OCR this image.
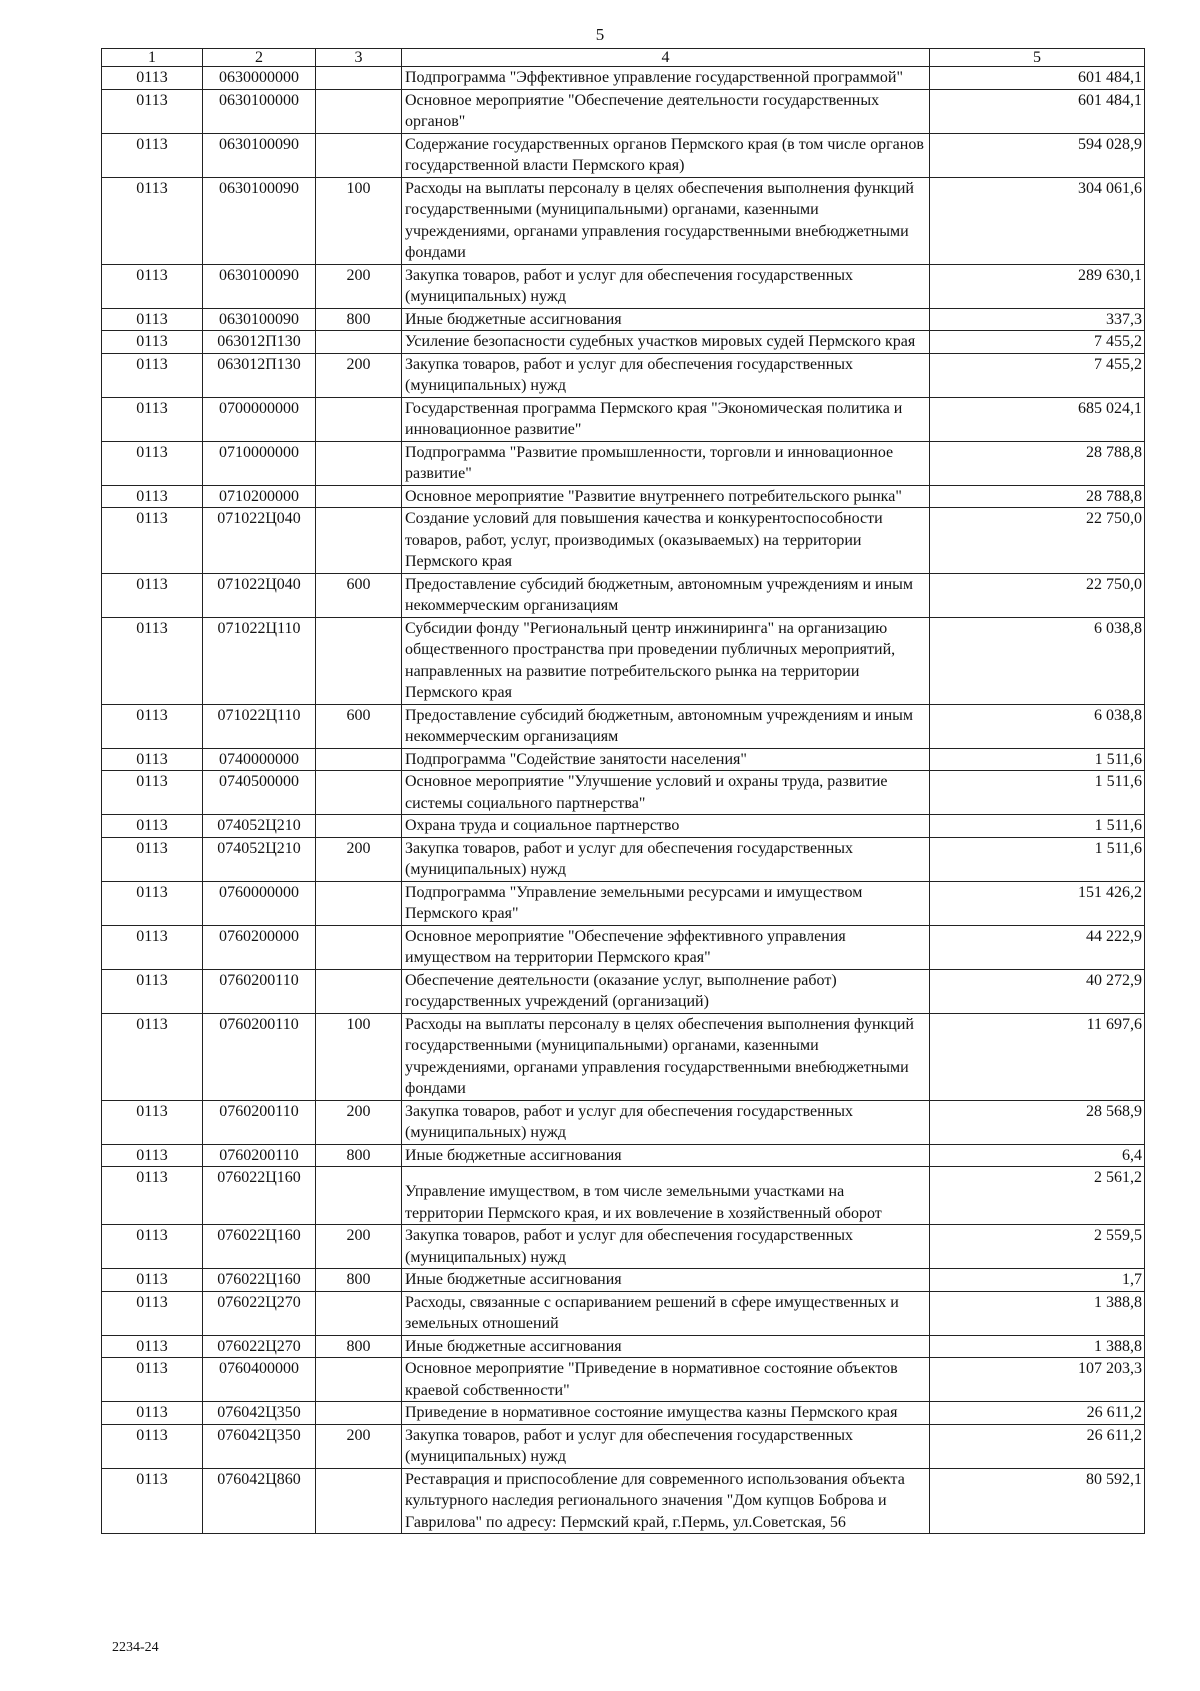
5
1	2	3	4	5
0113	0630000000		Подпрограмма "Эффективное управление государственной программой"	601 484,1
0113	0630100000		Основное мероприятие "Обеспечение деятельности государственных органов"	601 484,1
0113	0630100090		Содержание государственных органов Пермского края (в том числе органов государственной власти Пермского края)	594 028,9
0113	0630100090	100	Расходы на выплаты персоналу в целях обеспечения выполнения функций государственными (муниципальными) органами, казенными учреждениями, органами управления государственными внебюджетными фондами	304 061,6
0113	0630100090	200	Закупка товаров, работ и услуг для обеспечения государственных (муниципальных) нужд	289 630,1
0113	0630100090	800	Иные бюджетные ассигнования	337,3
0113	063012П130		Усиление безопасности судебных участков мировых судей Пермского края	7 455,2
0113	063012П130	200	Закупка товаров, работ и услуг для обеспечения государственных (муниципальных) нужд	7 455,2
0113	0700000000		Государственная программа Пермского края "Экономическая политика и инновационное развитие"	685 024,1
0113	0710000000		Подпрограмма "Развитие промышленности, торговли и инновационное развитие"	28 788,8
0113	0710200000		Основное мероприятие "Развитие внутреннего потребительского рынка"	28 788,8
0113	071022Ц040		Создание условий для повышения качества и конкурентоспособности товаров, работ, услуг, производимых (оказываемых) на территории Пермского края	22 750,0
0113	071022Ц040	600	Предоставление субсидий бюджетным, автономным учреждениям и иным некоммерческим организациям	22 750,0
0113	071022Ц110		Субсидии фонду "Региональный центр инжиниринга" на организацию общественного пространства при проведении публичных мероприятий, направленных на развитие потребительского рынка на территории Пермского края	6 038,8
0113	071022Ц110	600	Предоставление субсидий бюджетным, автономным учреждениям и иным некоммерческим организациям	6 038,8
0113	0740000000		Подпрограмма "Содействие занятости населения"	1 511,6
0113	0740500000		Основное мероприятие "Улучшение условий и охраны труда, развитие системы социального партнерства"	1 511,6
0113	074052Ц210		Охрана труда и социальное партнерство	1 511,6
0113	074052Ц210	200	Закупка товаров, работ и услуг для обеспечения государственных (муниципальных) нужд	1 511,6
0113	0760000000		Подпрограмма "Управление земельными ресурсами и имуществом Пермского края"	151 426,2
0113	0760200000		Основное мероприятие "Обеспечение эффективного управления имуществом на территории Пермского края"	44 222,9
0113	0760200110		Обеспечение деятельности (оказание услуг, выполнение работ) государственных учреждений (организаций)	40 272,9
0113	0760200110	100	Расходы на выплаты персоналу в целях обеспечения выполнения функций государственными (муниципальными) органами, казенными учреждениями, органами управления государственными внебюджетными фондами	11 697,6
0113	0760200110	200	Закупка товаров, работ и услуг для обеспечения государственных (муниципальных) нужд	28 568,9
0113	0760200110	800	Иные бюджетные ассигнования	6,4
0113	076022Ц160		Управление имуществом, в том числе земельными участками на территории Пермского края, и их вовлечение в хозяйственный оборот	2 561,2
0113	076022Ц160	200	Закупка товаров, работ и услуг для обеспечения государственных (муниципальных) нужд	2 559,5
0113	076022Ц160	800	Иные бюджетные ассигнования	1,7
0113	076022Ц270		Расходы, связанные с оспариванием решений в сфере имущественных и земельных отношений	1 388,8
0113	076022Ц270	800	Иные бюджетные ассигнования	1 388,8
0113	0760400000		Основное мероприятие "Приведение в нормативное состояние объектов краевой собственности"	107 203,3
0113	076042Ц350		Приведение в нормативное состояние имущества казны Пермского края	26 611,2
0113	076042Ц350	200	Закупка товаров, работ и услуг для обеспечения государственных (муниципальных) нужд	26 611,2
0113	076042Ц860		Реставрация и приспособление для современного использования объекта культурного наследия регионального значения "Дом купцов Боброва и Гаврилова" по адресу: Пермский край, г.Пермь, ул.Советская, 56	80 592,1
2234-24
